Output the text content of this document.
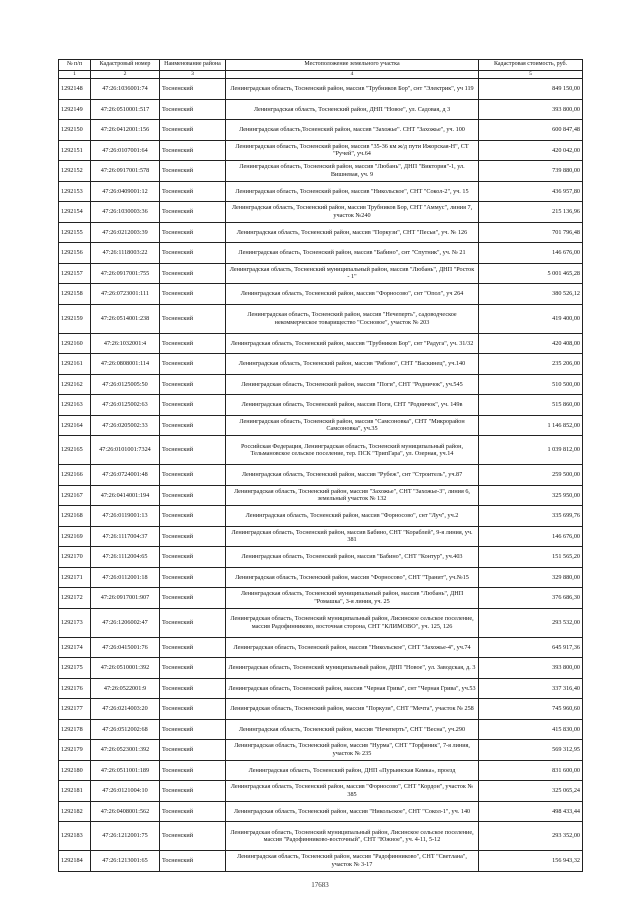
№ п/п	Кадастровый номер	Наименование района	Местоположение земельного участка	Кадастровая стоимость, руб.
1	2	3	4	5
1292148	47:26:1036001:74	Тосненский	Ленинградская область, Тосненский район, массив "Трубников Бор", снт "Электрик", уч 119	849 150,00
1292149	47:26:0510001:517	Тосненский	Ленинградская область, Тосненский район, ДНП "Новое", ул. Садовая, д 3	393 800,00
1292150	47:26:0412001:156	Тосненский	Ленинградская область,Тосненский район, массив "Захожье". СНТ "Захожье", уч. 100	600 847,48
1292151	47:26:0107001:64	Тосненский	Ленинградская область, Тосненский район, массив "35-36 км ж/д пути Ижорская-Н", СТ "Ручей", уч.64	420 042,00
1292152	47:26:0917001:578	Тосненский	Ленинградская область, Тосненский район, массив "Любань", ДНП "Виктория"-1, ул. Вишневая, уч. 9	739 880,00
1292153	47:26:0409001:12	Тосненский	Ленинградская область, Тосненский район, массив "Никольское", СНТ "Сокол-2", уч. 15	436 957,80
1292154	47:26:1030003:36	Тосненский	Ленинградская область, Тосненский район, массив Трубников Бор, СНТ "Аммус", линия 7, участок №240	215 136,96
1292155	47:26:0212003:39	Тосненский	Ленинградская область, Тосненский район, массив "Поркузи", СНТ "Песьи", уч. № 126	701 796,48
1292156	47:26:1118003:22	Тосненский	Ленинградская область, Тосненский район, массив "Бабино", снт "Спутник", уч. № 21	146 676,00
1292157	47:26:0917001:755	Тосненский	Ленинградская область, Тосненский муниципальный район, массив "Любань", ДНП "Росток - 1"	5 001 465,28
1292158	47:26:0723001:111	Тосненский	Ленинградская область, Тосненский район, массив "Форносово", снт "Опол", уч 264	380 526,12
1292159	47:26:0514001:238	Тосненский	Ленинградская область, Тосненский район, массив "Нечеперть", садоводческое некоммерческое товарищество "Сосновое", участок № 203	419 400,00
1292160	47:26:1032001:4	Тосненский	Ленинградская область, Тосненский район, массив "Трубников Бор", снт "Радуга", уч. 31/32	420 408,00
1292161	47:26:0808001:114	Тосненский	Ленинградская область, Тосненский район, массив "Рябово", СНТ "Васкинец", уч.140	235 206,00
1292162	47:26:0125005:50	Тосненский	Ленинградская область, Тосненский район, массив "Поги", СНТ "Родничок", уч.545	510 500,00
1292163	47:26:0125002:63	Тосненский	Ленинградская область, Тосненский район, массив Поги, СНТ "Родничок", уч. 149в	515 860,00
1292164	47:26:0205002:33	Тосненский	Ленинградская область, Тосненский район, массив "Самсоновка", СНТ "Микрорайон Самсоновка", уч.35	1 146 852,00
1292165	47:26:0101001:7324	Тосненский	Российская Федерация, Ленинградская область, Тосненский муниципальный район, Тельмановское сельское поселение, тер. ПСК "ТрипГара", ул. Озерная, уч.14	1 039 812,00
1292166	47:26:0724001:48	Тосненский	Ленинградская область, Тосненский район, массив "Рубеж", снт "Строитель", уч.87	259 500,00
1292167	47:26:0414001:194	Тосненский	Ленинградская область, Тосненский район, массив "Захожье", СНТ "Захожье-3", линия 6, земельный участок № 132	325 950,00
1292168	47:26:0119001:13	Тосненский	Ленинградская область, Тосненский район, массив "Форносово", снт "Луч", уч.2	335 699,76
1292169	47:26:1117004:37	Тосненский	Ленинградская область, Тосненский район, массив Бабино, СНТ "Кораблей", 9-я линия, уч. 381	146 676,00
1292170	47:26:1112004:65	Тосненский	Ленинградская область, Тосненский район, массив "Бабино", СНТ "Контур", уч.403	151 565,20
1292171	47:26:0112001:18	Тосненский	Ленинградская область, Тосненский район, массив "Форносово", СНТ "Транит", уч.№15	329 880,00
1292172	47:26:0917001:907	Тосненский	Ленинградская область, Тосненский муниципальный район, массив "Любань", ДНП "Ромашка", 3-я линия, уч. 25	376 686,30
1292173	47:26:1206002:47	Тосненский	Ленинградская область, Тосненский муниципальный район, Лисинское сельское поселение, массив Радофинниково, восточная сторона, СНТ "КЛИМОВО", уч. 125, 126	293 532,00
1292174	47:26:0415001:76	Тосненский	Ленинградская область, Тосненский район, массив "Никольское", СНТ "Захожье-4", уч.74	645 917,36
1292175	47:26:0510001:392	Тосненский	Ленинградская область, Тосненский муниципальный район, ДНП "Новое", ул. Заводская, д. 3	393 800,00
1292176	47:26:0522001:9	Тосненский	Ленинградская область, Тосненский район, массив "Черная Грива", снт "Черная Грива", уч.53	337 316,40
1292177	47:26:0214003:20	Тосненский	Ленинградская область, Тосненский район, массив "Поркузи", СНТ "Мечта", участок № 258	745 960,60
1292178	47:26:0512002:68	Тосненский	Ленинградская область, Тосненский район, массив "Нечеперть", СНТ "Весна", уч.290	415 830,00
1292179	47:26:0523001:392	Тосненский	Ленинградская область, Тосненский район, массив "Нурма", СНТ "Торфяник", 7-я линия, участок № 235	569 312,95
1292180	47:26:0511001:189	Тосненский	Ленинградская область, Тосненский район, ДНП «Пурьинская Камка», проезд	831 600,00
1292181	47:26:0121004:10	Тосненский	Ленинградская область, Тосненский район, массив "Форносово", СНТ "Кордон", участок № 385	325 065,24
1292182	47:26:0408001:562	Тосненский	Ленинградская область, Тосненский район, массив "Никольское", СНТ "Сокол-1", уч. 140	498 433,44
1292183	47:26:1212001:75	Тосненский	Ленинградская область, Тосненский муниципальный район, Лисинское сельское поселение, массив "Радофинниково-восточный", СНТ "Южное", уч. 4-11, 5-12	293 352,00
1292184	47:26:1213001:65	Тосненский	Ленинградская область, Тосненский район, массив "Радофинниково", СНТ "Светлана", участок № 3-17	156 943,32
17683
